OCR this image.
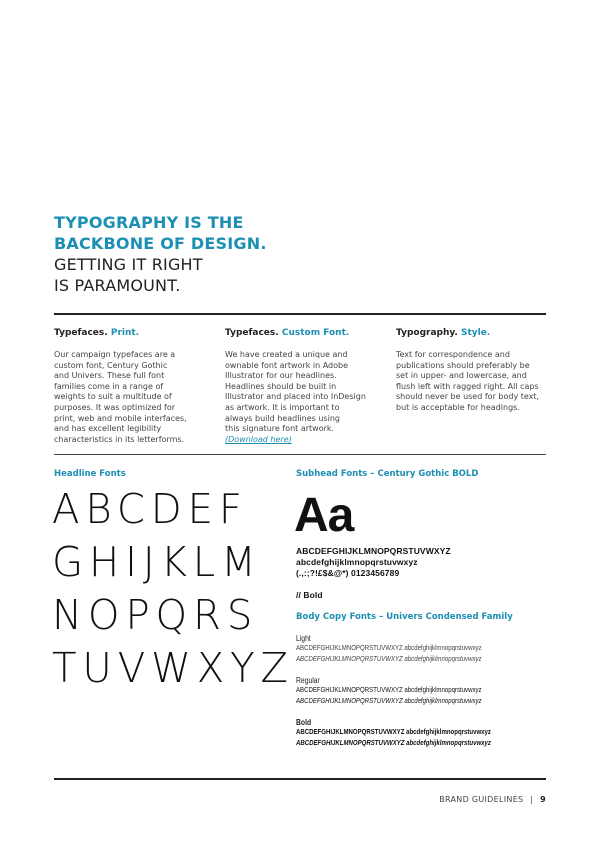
TYPOGRAPHY IS THE
BACKBONE OF DESIGN.
GETTING IT RIGHT
IS PARAMOUNT.
Typefaces. Print.
Our campaign typefaces are a
custom font, Century Gothic
and Univers. These full font
families come in a range of
weights to suit a multitude of
purposes. It was optimized for
print, web and mobile interfaces,
and has excellent legibility
characteristics in its letterforms.
Typefaces. Custom Font.
We have created a unique and
ownable font artwork in Adobe
Illustrator for our headlines.
Headlines should be built in
Illustrator and placed into InDesign
as artwork. It is important to
always build headlines using
this signature font artwork.
(Download here)
Typography. Style.
Text for correspondence and
publications should preferably be
set in upper- and lowercase, and
flush left with ragged right. All caps
should never be used for body text,
but is acceptable for headings.
Headline Fonts
ABCDEF
GHIJKLM
NOPQRS
TUVWXYZ
Subhead Fonts – Century Gothic BOLD
Aa
ABCDEFGHIJKLMNOPQRSTUVWXYZ
abcdefghijklmnopqrstuvwxyz
(.,:;?!£$&@*) 0123456789
// Bold
Body Copy Fonts – Univers Condensed Family
Light
ABCDEFGHIJKLMNOPQRSTUVWXYZ abcdefghijklmnopqrstuvwxyz
ABCDEFGHIJKLMNOPQRSTUVWXYZ abcdefghijklmnopqrstuvwxyz
Regular
ABCDEFGHIJKLMNOPQRSTUVWXYZ abcdefghijklmnopqrstuvwxyz
ABCDEFGHIJKLMNOPQRSTUVWXYZ abcdefghijklmnopqrstuvwxyz
Bold
ABCDEFGHIJKLMNOPQRSTUVWXYZ abcdefghijklmnopqrstuvwxyz
ABCDEFGHIJKLMNOPQRSTUVWXYZ abcdefghijklmnopqrstuvwxyz
BRAND GUIDELINES | 9
